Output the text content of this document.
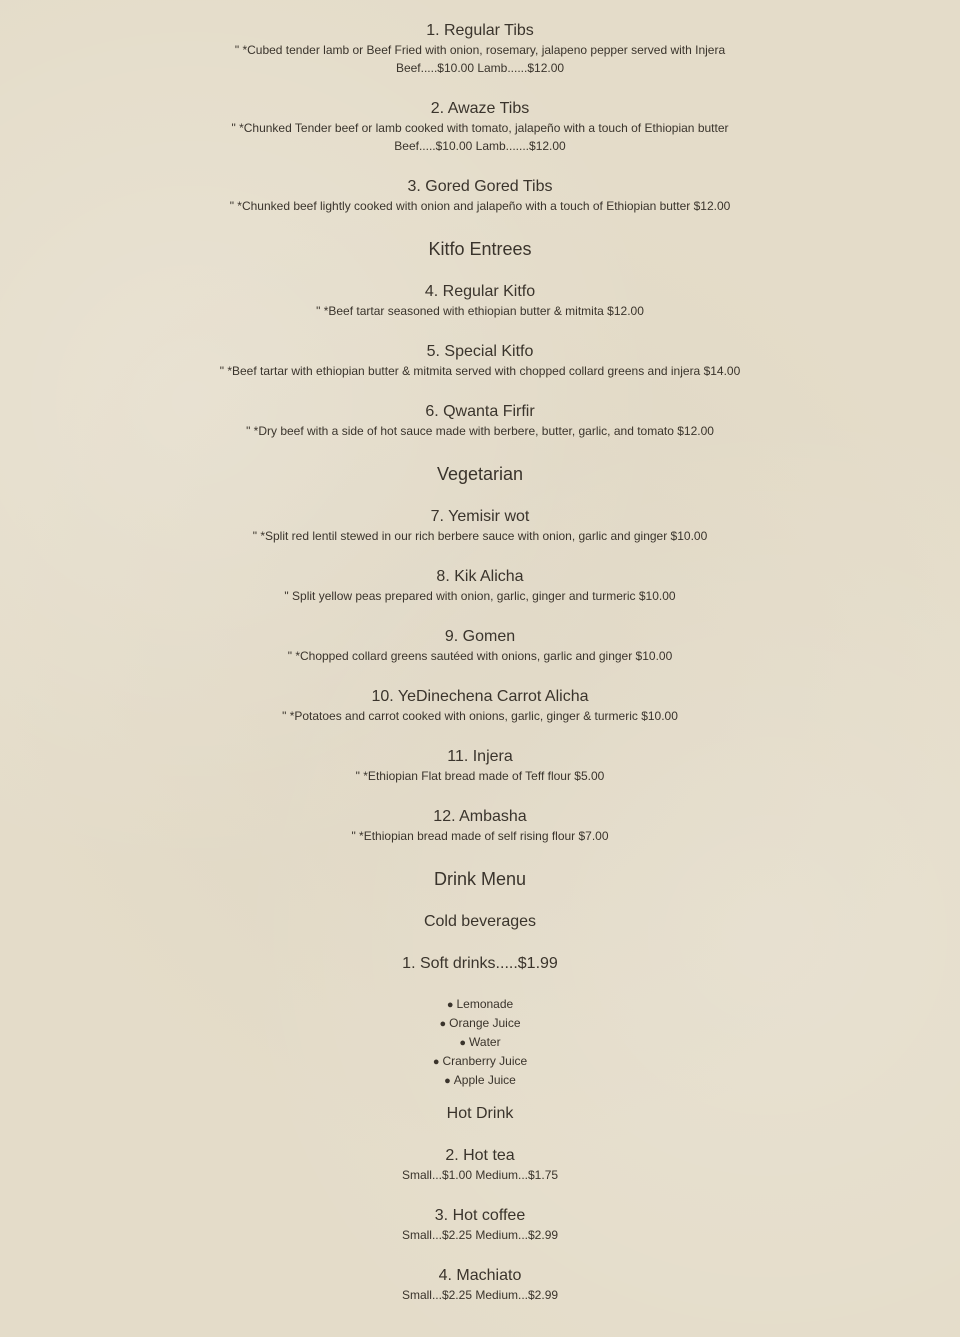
1. Regular Tibs

" *Cubed tender lamb or Beef Fried with onion, rosemary, jalapeno pepper served with Injera

Beef.....$10.00 Lamb......$12.00

2. Awaze Tibs

" *Chunked Tender beef or lamb cooked with tomato, jalapeño with a touch of Ethiopian butter

Beef.....$10.00 Lamb.......$12.00

3. Gored Gored Tibs

" *Chunked beef lightly cooked with onion and jalapeño with a touch of Ethiopian butter $12.00

Kitfo Entrees
4. Regular Kitfo

" *Beef tartar seasoned with ethiopian butter & mitmita $12.00

5. Special Kitfo

" *Beef tartar with ethiopian butter & mitmita served with chopped collard greens and injera $14.00

6. Qwanta Firfir

" *Dry beef with a side of hot sauce made with berbere, butter, garlic, and tomato $12.00

Vegetarian
7. Yemisir wot

" *Split red lentil stewed in our rich berbere sauce with onion, garlic and ginger $10.00

8. Kik Alicha

" Split yellow peas prepared with onion, garlic, ginger and turmeric $10.00

9. Gomen

" *Chopped collard greens sautéed with onions, garlic and ginger $10.00

10. YeDinechena Carrot Alicha

" *Potatoes and carrot cooked with onions, garlic, ginger & turmeric $10.00

11. Injera

" *Ethiopian Flat bread made of Teff flour $5.00

12. Ambasha

" *Ethiopian bread made of self rising flour $7.00

Drink Menu
Cold beverages
1. Soft drinks.....$1.99
● Lemonade
● Orange Juice
● Water
● Cranberry Juice
● Apple Juice
Hot Drink
2. Hot tea

Small...$1.00 Medium...$1.75

3. Hot coffee

Small...$2.25 Medium...$2.99

4. Machiato

Small...$2.25 Medium...$2.99
